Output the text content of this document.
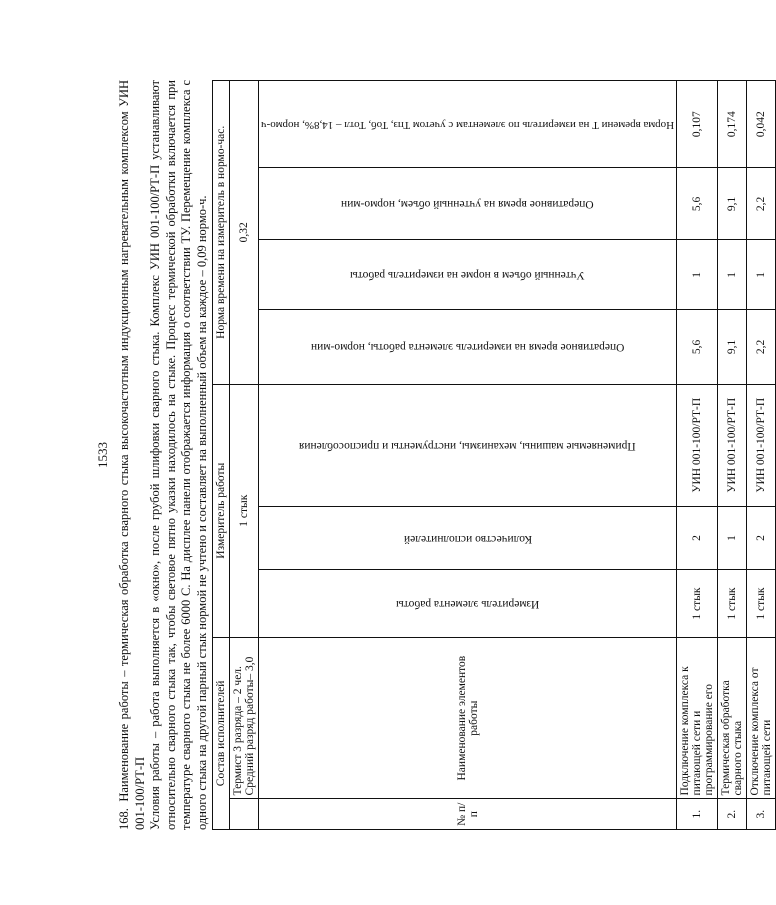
1533

168. Наименование работы – термическая обработка сварного стыка высокочастотным индукционным нагревательным комплексом УИН 001-100/РТ-П Условия работы – работа выполняется в «окно», после грубой шлифовки сварного стыка. Комплекс УИН 001-100/РТ-П устанавливают относительно сварного стыка так, чтобы световое пятно указки находилось на стыке. Процесс термической обработки включается при температуре сварного стыка не более 6000 С. На дисплее панели отображается информация о соответствии ТУ. Перемещение комплекса с одного стыка на другой парный стык нормой не учтено и составляет на выполненный объем на каждое – 0,09 нормо-ч. Состав исполнителей		Измеритель работы			Норма времени на измеритель в нормо-час.			
	Термист 3 разряда – 2 чел. Средний разряд работы– 3,0	1 стык			0,32			
№ п/п	Наименование элементов работы	Измеритель элемента работы	Количество исполнителей	Применяемые машины, механизмы, инструменты и приспособления	Оперативное время на измеритель элемента работы, нормо-мин	Учтенный объем в норме на измеритель работы	Оперативное время на учтенный объем, нормо-мин	Норма времени Т на измеритель по элементам с учетом Тпз, Тоб, Тотл – 14,8%, нормо-ч

1.	Подключение комплекса к питающей сети и программирование его	1 стык	2	УИН 001-100/РТ-П	5,6	1	5,6	0,107
2.	Термическая обработка сварного стыка	1 стык	1	УИН 001-100/РТ-П	9,1	1	9,1	0,174
3.	Отключение комплекса от питающей сети	1 стык	2	УИН 001-100/РТ-П	2,2	1	2,2	0,042
